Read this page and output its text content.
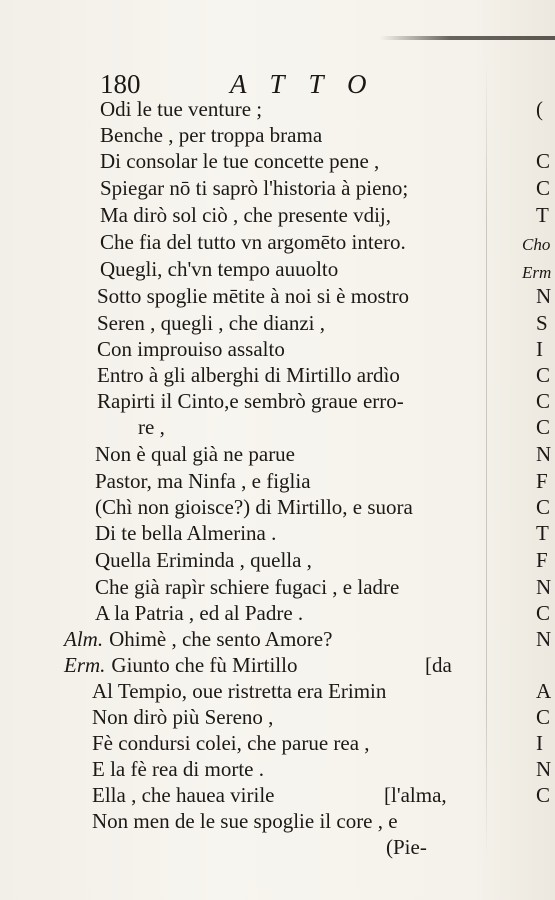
180	ATTO
Odi le tue venture ;
Benche , per troppa brama
Di consolar le tue concette pene ,
Spiegar nō ti saprò l'historia à pieno;
Ma dirò sol ciò , che presente vdij,
Che fia del tutto vn argomēto intero.
Quegli, ch'vn tempo auuolto
Sotto spoglie mētite à noi si è mostro
Seren , quegli , che dianzi ,
Con improuiso assalto
Entro à gli alberghi di Mirtillo ardìo
Rapirti il Cinto,e sembrò graue erro-
re ,
Non è qual già ne parue
Pastor, ma Ninfa , e figlia
(Chì non gioisce?) di Mirtillo, e suora
Di te bella Almerina .
Quella Eriminda , quella ,
Che già rapìr schiere fugaci , e ladre
A la Patria , ed al Padre .
Alm. Ohimè , che sento Amore?
Erm. Giunto che fù Mirtillo	[da
Al Tempio, oue ristretta era Erimin
Non dirò più Sereno ,
Fè condursi colei, che parue rea ,
E la fè rea di morte .
Ella , che hauea virile	[l'alma,
Non men de le sue spoglie il core , e
(Pie-
(
C
C
T
Cho
Erm
N
S
I
C
C
C
N
F
C
T
F
N
C
N
A
C
I
N
C
